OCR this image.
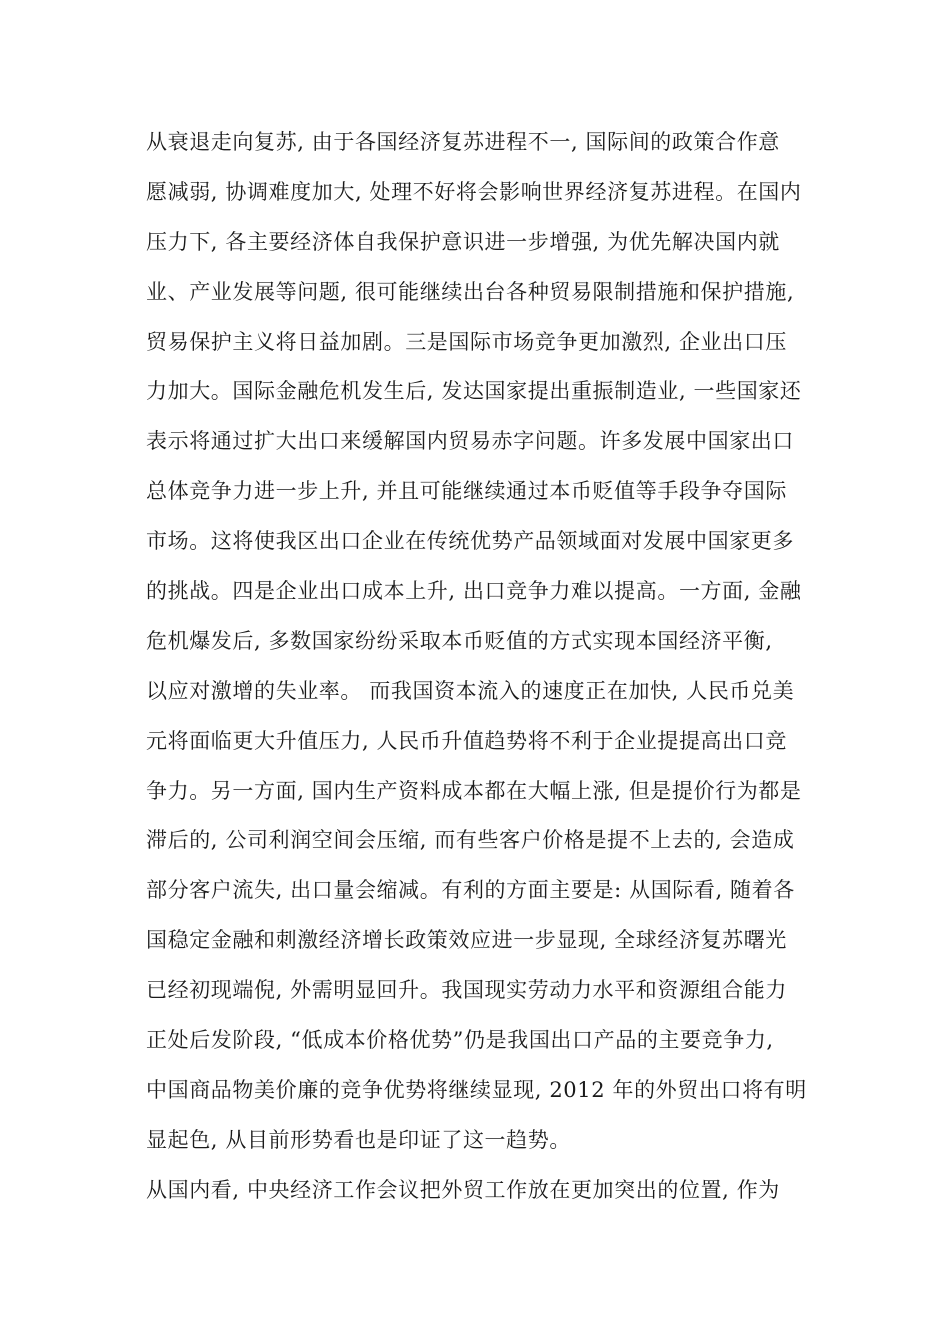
从衰退走向复苏, 由于各国经济复苏进程不一, 国际间的政策合作意
愿减弱, 协调难度加大, 处理不好将会影响世界经济复苏进程。在国内
压力下, 各主要经济体自我保护意识进一步增强, 为优先解决国内就
业、产业发展等问题, 很可能继续出台各种贸易限制措施和保护措施,
贸易保护主义将日益加剧。三是国际市场竞争更加激烈, 企业出口压
力加大。国际金融危机发生后, 发达国家提出重振制造业, 一些国家还
表示将通过扩大出口来缓解国内贸易赤字问题。许多发展中国家出口
总体竞争力进一步上升, 并且可能继续通过本币贬值等手段争夺国际
市场。这将使我区出口企业在传统优势产品领域面对发展中国家更多
的挑战。四是企业出口成本上升, 出口竞争力难以提高。一方面, 金融
危机爆发后, 多数国家纷纷采取本币贬值的方式实现本国经济平衡,
以应对激增的失业率。 而我国资本流入的速度正在加快, 人民币兑美
元将面临更大升值压力, 人民币升值趋势将不利于企业提提高出口竞
争力。另一方面, 国内生产资料成本都在大幅上涨, 但是提价行为都是
滞后的, 公司利润空间会压缩, 而有些客户价格是提不上去的, 会造成
部分客户流失, 出口量会缩减。有利的方面主要是: 从国际看, 随着各
国稳定金融和刺激经济增长政策效应进一步显现, 全球经济复苏曙光
已经初现端倪, 外需明显回升。我国现实劳动力水平和资源组合能力
正处后发阶段, “低成本价格优势”仍是我国出口产品的主要竞争力,
中国商品物美价廉的竞争优势将继续显现, 2012 年的外贸出口将有明
显起色, 从目前形势看也是印证了这一趋势。
从国内看, 中央经济工作会议把外贸工作放在更加突出的位置, 作为
